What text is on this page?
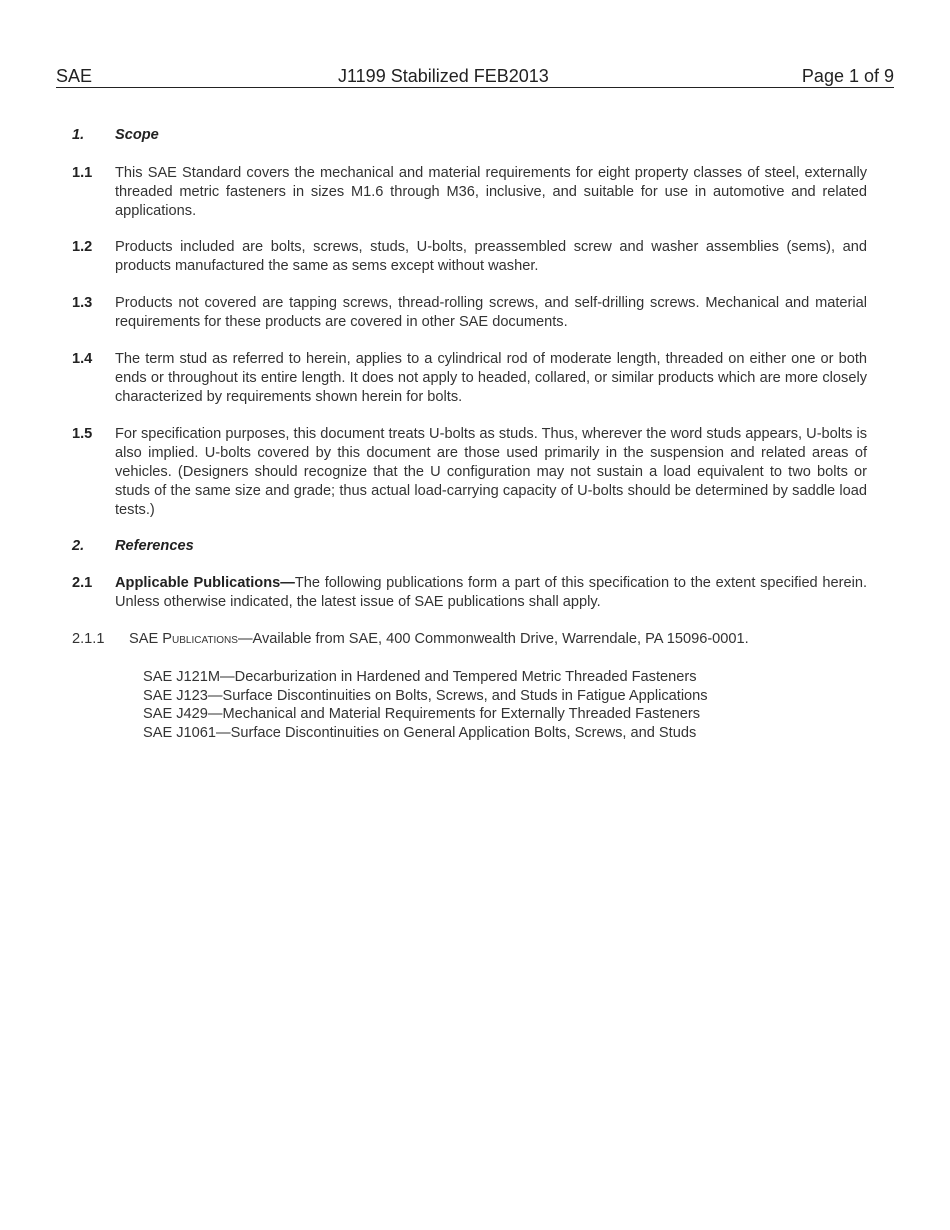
SAE	J1199 Stabilized FEB2013	Page 1 of 9
1. Scope
1.1 This SAE Standard covers the mechanical and material requirements for eight property classes of steel, externally threaded metric fasteners in sizes M1.6 through M36, inclusive, and suitable for use in automotive and related applications.
1.2 Products included are bolts, screws, studs, U-bolts, preassembled screw and washer assemblies (sems), and products manufactured the same as sems except without washer.
1.3 Products not covered are tapping screws, thread-rolling screws, and self-drilling screws. Mechanical and material requirements for these products are covered in other SAE documents.
1.4 The term stud as referred to herein, applies to a cylindrical rod of moderate length, threaded on either one or both ends or throughout its entire length. It does not apply to headed, collared, or similar products which are more closely characterized by requirements shown herein for bolts.
1.5 For specification purposes, this document treats U-bolts as studs. Thus, wherever the word studs appears, U-bolts is also implied. U-bolts covered by this document are those used primarily in the suspension and related areas of vehicles. (Designers should recognize that the U configuration may not sustain a load equivalent to two bolts or studs of the same size and grade; thus actual load-carrying capacity of U-bolts should be determined by saddle load tests.)
2. References
2.1 Applicable Publications—The following publications form a part of this specification to the extent specified herein. Unless otherwise indicated, the latest issue of SAE publications shall apply.
2.1.1 SAE Publications—Available from SAE, 400 Commonwealth Drive, Warrendale, PA 15096-0001.
SAE J121M—Decarburization in Hardened and Tempered Metric Threaded Fasteners
SAE J123—Surface Discontinuities on Bolts, Screws, and Studs in Fatigue Applications
SAE J429—Mechanical and Material Requirements for Externally Threaded Fasteners
SAE J1061—Surface Discontinuities on General Application Bolts, Screws, and Studs
